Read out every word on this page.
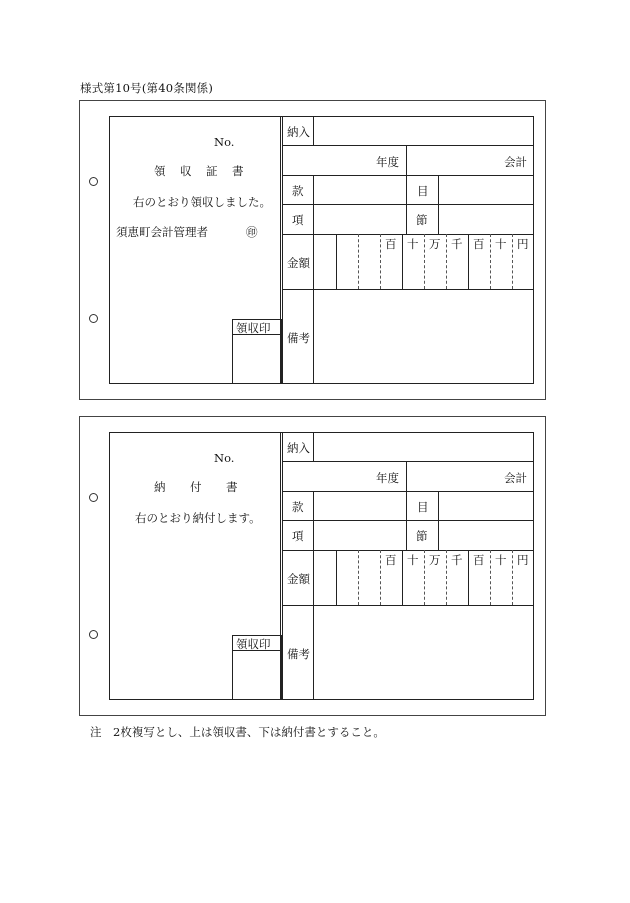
様式第10号(第40条関係)
No.
領 収 証 書
右のとおり領収しました。
須恵町会計管理者	㊞
領収印
納入
年度	会計
款	目
項	節
金額
百 十 万 千 百 十 円
備考
No.
納 付 書
右のとおり納付します。
領収印
納入
年度	会計
款	目
項	節
金額
百 十 万 千 百 十 円
備考
注　2枚複写とし、上は領収書、下は納付書とすること。
